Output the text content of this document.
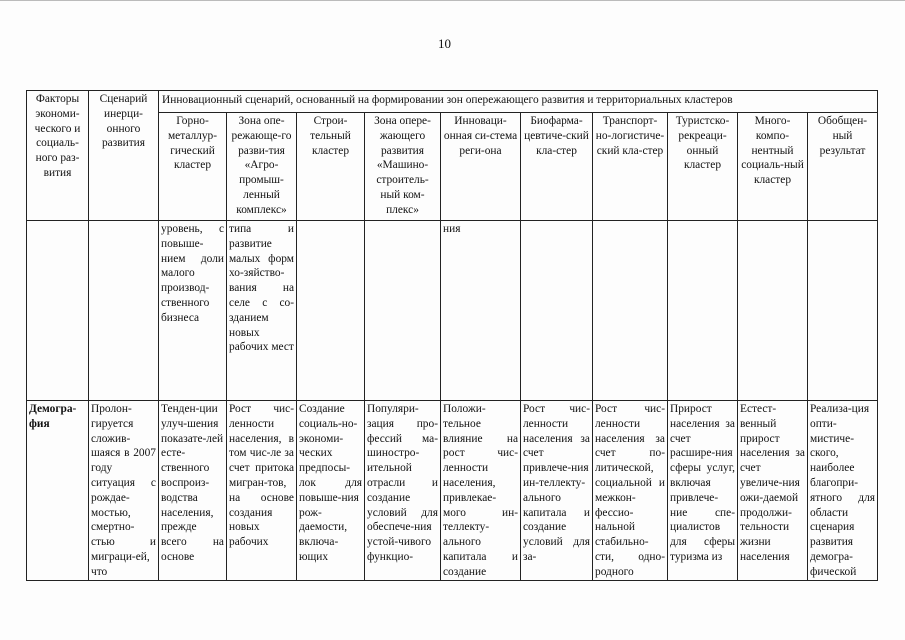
10
Факторы экономи-ческого и социаль-ного раз-вития	Сценарий инерци-онного развития	Инновационный сценарий, основанный на формировании зон опережающего развития и территориальных кластеров									
		Горно-металлур-гический кластер	Зона опе-режающе-го разви-тия «Агро-промыш-ленный комплекс»	Строи-тельный кластер	Зона опере-жающего развития «Машино-строитель-ный ком-плекс»	Инноваци-онная си-стема реги-она	Биофарма-цевтиче-ский кла-стер	Транспорт-но-логистиче-ский кла-стер	Туристско-рекреаци-онный кластер	Много-компо-нентный социаль-ный кластер	Обобщен-ный результат
		уровень, с повыше-нием доли малого производ-ственного бизнеса	типа и развитие малых форм хо-зяйство-вания на селе с со-зданием новых рабочих мест			ния					
Демогра-фия	Пролон-гируется сложив-шаяся в 2007 году ситуация с рождае-мостью, смертно-стью и миграци-ей, что	Тенден-ции улуч-шения показате-лей есте-ственного воспроиз-водства населения, прежде всего на основе	Рост чис-ленности населения, в том чис-ле за счет притока мигран-тов, на основе создания новых рабочих	Создание социаль-но-экономи-ческих предпосы-лок для повыше-ния рож-даемости, включа-ющих	Популяри-зация про-фессий ма-шиностро-ительной отрасли и создание условий для обеспече-ния устой-чивого функцио-	Положи-тельное влияние на рост чис-ленности населения, привлекае-мого ин-теллекту-ального капитала и создание	Рост чис-ленности населения за счет привлече-ния ин-теллекту-ального капитала и создание условий для за-	Рост чис-ленности населения за счет по-литической, социальной и межкон-фессио-нальной стабильно-сти, одно-родного	Прирост населения за счет расшире-ния сферы услуг, включая привлече-ние спе-циалистов для сферы туризма из	Естест-венный прирост населения за счет увеличе-ния ожи-даемой продолжи-тельности жизни населения	Реализа-ция опти-мистиче-ского, наиболее благопри-ятного для области сценария развития демогра-фической
